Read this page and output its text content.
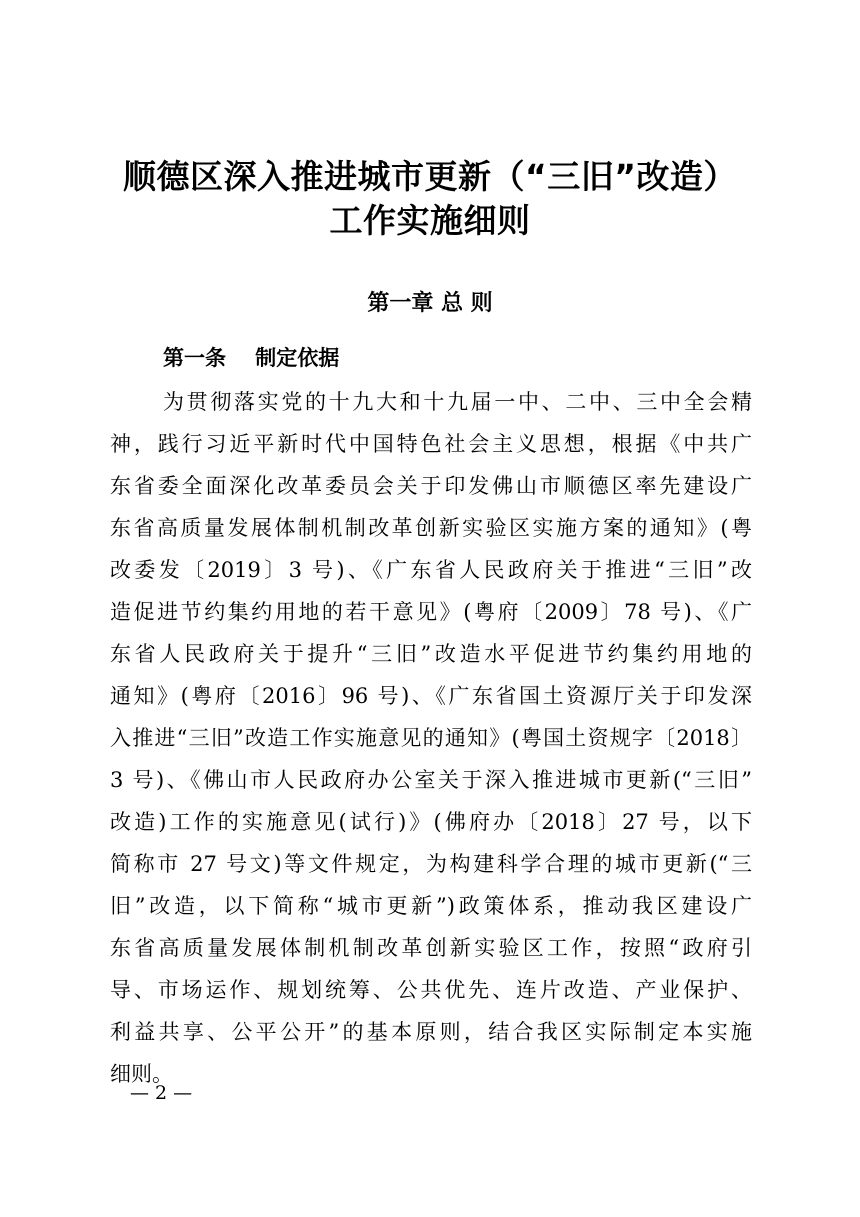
顺德区深入推进城市更新（“三旧”改造）
工作实施细则
第一章 总 则
第一条    制定依据
为贯彻落实党的十九大和十九届一中、二中、三中全会精
神，践行习近平新时代中国特色社会主义思想，根据《中共广
东省委全面深化改革委员会关于印发佛山市顺德区率先建设广
东省高质量发展体制机制改革创新实验区实施方案的通知》(粤
改委发〔2019〕3 号)、《广东省人民政府关于推进“三旧”改
造促进节约集约用地的若干意见》(粤府〔2009〕78 号)、《广
东省人民政府关于提升“三旧”改造水平促进节约集约用地的
通知》(粤府〔2016〕96 号)、《广东省国土资源厅关于印发深
入推进“三旧”改造工作实施意见的通知》(粤国土资规字〔2018〕
3 号)、《佛山市人民政府办公室关于深入推进城市更新(“三旧”
改造)工作的实施意见(试行)》(佛府办〔2018〕27 号，以下
简称市 27 号文)等文件规定，为构建科学合理的城市更新(“三
旧”改造，以下简称“城市更新”)政策体系，推动我区建设广
东省高质量发展体制机制改革创新实验区工作，按照“政府引
导、市场运作、规划统筹、公共优先、连片改造、产业保护、
利益共享、公平公开”的基本原则，结合我区实际制定本实施
细则。
— 2 —
